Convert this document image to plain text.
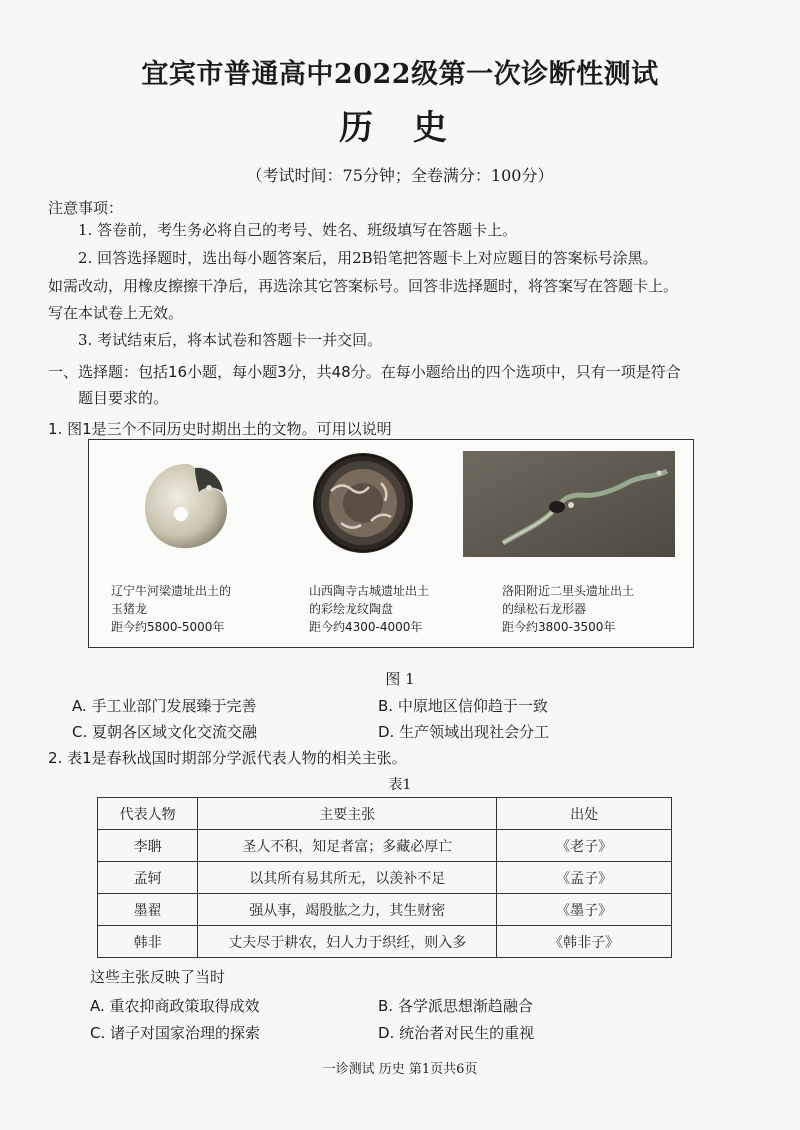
宜宾市普通高中2022级第一次诊断性测试
历 史
（考试时间：75分钟；全卷满分：100分）
注意事项：
1. 答卷前，考生务必将自己的考号、姓名、班级填写在答题卡上。
2. 回答选择题时，选出每小题答案后，用2B铅笔把答题卡上对应题目的答案标号涂黑。
如需改动，用橡皮擦擦干净后，再选涂其它答案标号。回答非选择题时，将答案写在答题卡上。
写在本试卷上无效。
3. 考试结束后，将本试卷和答题卡一并交回。
一、选择题：包括16小题，每小题3分，共48分。在每小题给出的四个选项中，只有一项是符合
题目要求的。
1. 图1是三个不同历史时期出土的文物。可用以说明
辽宁牛河梁遗址出土的
玉猪龙
距今约5800-5000年
山西陶寺古城遗址出土
的彩绘龙纹陶盘
距今约4300-4000年
洛阳附近二里头遗址出土
的绿松石龙形器
距今约3800-3500年
图 1
A. 手工业部门发展臻于完善	B. 中原地区信仰趋于一致
C. 夏朝各区域文化交流交融	D. 生产领域出现社会分工
2. 表1是春秋战国时期部分学派代表人物的相关主张。
表1
代表人物	主要主张	出处
李聃	圣人不积，知足者富；多藏必厚亡	《老子》
孟轲	以其所有易其所无，以羡补不足	《孟子》
墨翟	强从事，竭股肱之力，其生财密	《墨子》
韩非	丈夫尽于耕农，妇人力于织纴，则入多	《韩非子》
这些主张反映了当时
A. 重农抑商政策取得成效	B. 各学派思想渐趋融合
C. 诸子对国家治理的探索	D. 统治者对民生的重视
一诊测试 历史 第1页共6页
